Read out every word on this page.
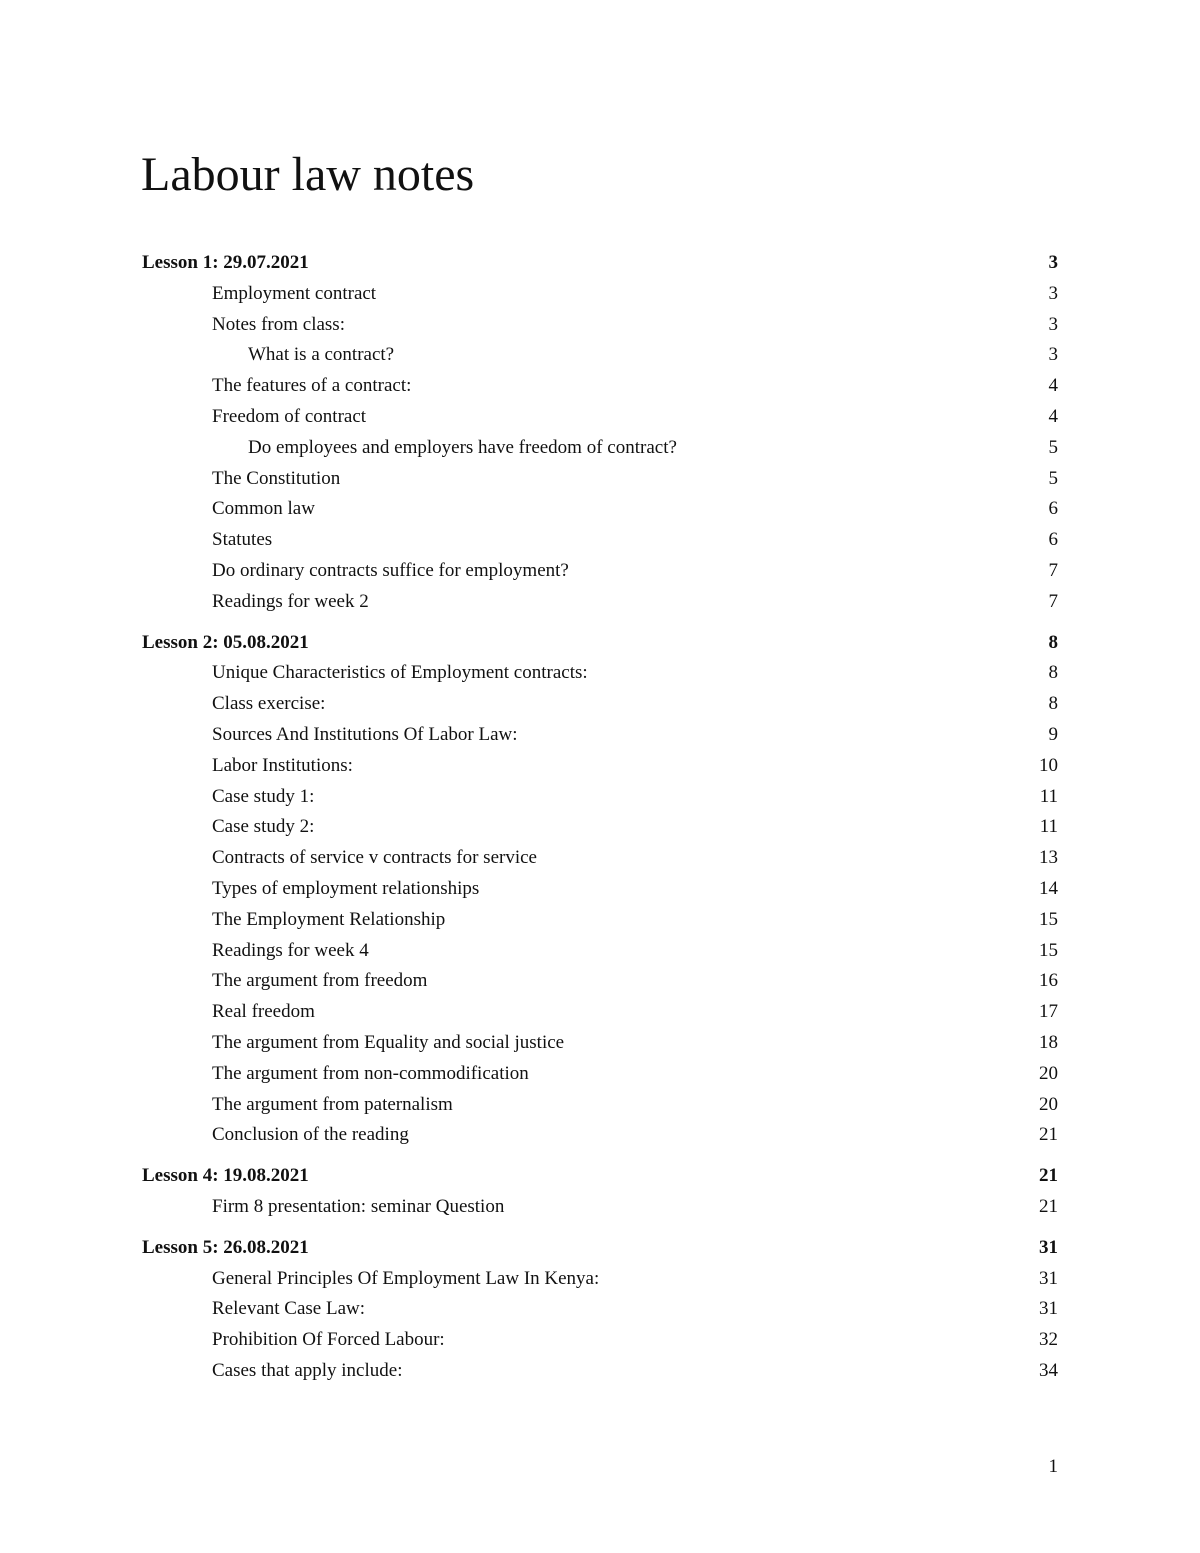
Labour law notes
Lesson 1: 29.07.2021	3
Employment contract	3
Notes from class:	3
What is a contract?	3
The features of a contract:	4
Freedom of contract	4
Do employees and employers have freedom of contract?	5
The Constitution	5
Common law	6
Statutes	6
Do ordinary contracts suffice for employment?	7
Readings for week 2	7
Lesson 2: 05.08.2021	8
Unique Characteristics of Employment contracts:	8
Class exercise:	8
Sources And Institutions Of Labor Law:	9
Labor Institutions:	10
Case study 1:	11
Case study 2:	11
Contracts of service v contracts for service	13
Types of employment relationships	14
The Employment Relationship	15
Readings for week 4	15
The argument from freedom	16
Real freedom	17
The argument from Equality and social justice	18
The argument from non-commodification	20
The argument from paternalism	20
Conclusion of the reading	21
Lesson 4: 19.08.2021	21
Firm 8 presentation: seminar Question	21
Lesson 5: 26.08.2021	31
General Principles Of Employment Law In Kenya:	31
Relevant Case Law:	31
Prohibition Of Forced Labour:	32
Cases that apply include:	34
1
